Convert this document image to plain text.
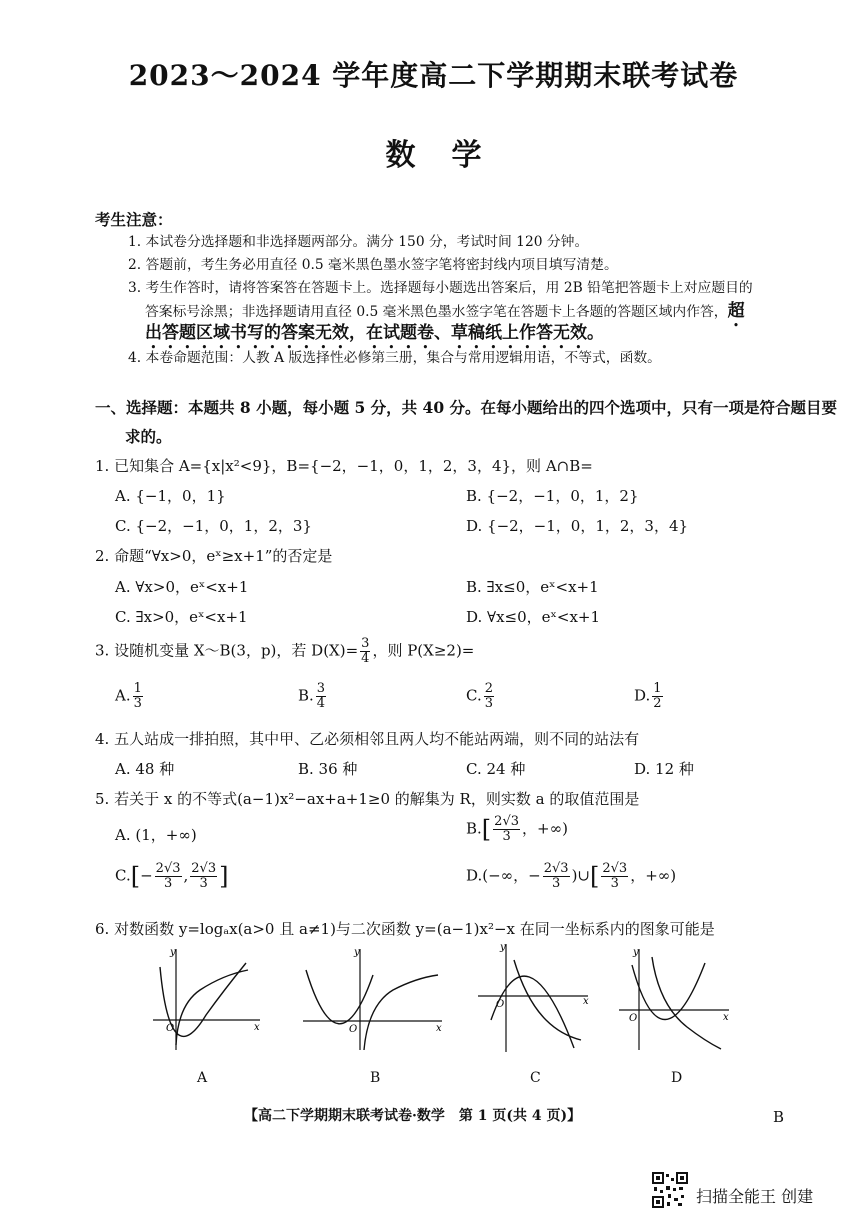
2023～2024 学年度高二下学期期末联考试卷
数学
考生注意：
1. 本试卷分选择题和非选择题两部分。满分 150 分，考试时间 120 分钟。
2. 答题前，考生务必用直径 0.5 毫米黑色墨水签字笔将密封线内项目填写清楚。
3. 考生作答时，请将答案答在答题卡上。选择题每小题选出答案后，用 2B 铅笔把答题卡上对应题目的
答案标号涂黑；非选择题请用直径 0.5 毫米黑色墨水签字笔在答题卡上各题的答题区域内作答，超
出答题区域书写的答案无效，在试题卷、草稿纸上作答无效。
4. 本卷命题范围：人教 A 版选择性必修第三册，集合与常用逻辑用语，不等式，函数。
一、选择题：本题共 8 小题，每小题 5 分，共 40 分。在每小题给出的四个选项中，只有一项是符合题目要
求的。
1. 已知集合 A={x|x²<9}，B={−2，−1，0，1，2，3，4}，则 A∩B=
A. {−1，0，1}	B. {−2，−1，0，1，2}
C. {−2，−1，0，1，2，3}	D. {−2，−1，0，1，2，3，4}
2. 命题“∀x>0，eˣ≥x+1”的否定是
A. ∀x>0，eˣ<x+1	B. ∃x≤0，eˣ<x+1
C. ∃x>0，eˣ<x+1	D. ∀x≤0，eˣ<x+1
3. 设随机变量 X～B(3，p)，若 $D(X)= \frac{3}{4}$ ，则 P(X≥2)=
A. $\frac{1}{3}$	B. $\frac{3}{4}$	C. $\frac{2}{3}$	D. $\frac{1}{2}$
4. 五人站成一排拍照，其中甲、乙必须相邻且两人均不能站两端，则不同的站法有
A. 48 种	B. 36 种	C. 24 种	D. 12 种
5. 若关于 x 的不等式(a−1)x²−ax+a+1≥0 的解集为 R，则实数 a 的取值范围是
A. (1，+∞)	$B.[ \frac{2√3}{3}$ ，+∞)
$C.[- \frac{2√3}{3}$ , $\frac{2√3}{3}$ ]	D.(−∞，− $\frac{2√3}{3}$ )∪[ $\frac{2√3}{3}$ ，+∞)
6. 对数函数 y=logₐx(a>0 且 a≠1)与二次函数 y=(a−1)x²−x 在同一坐标系内的图象可能是
x
y
O
A
x
y
O
B
x
y
O
C
x
y
O
D
【高二下学期期末联考试卷·数学　第 1 页(共 4 页)】	B
扫描全能王 创建
